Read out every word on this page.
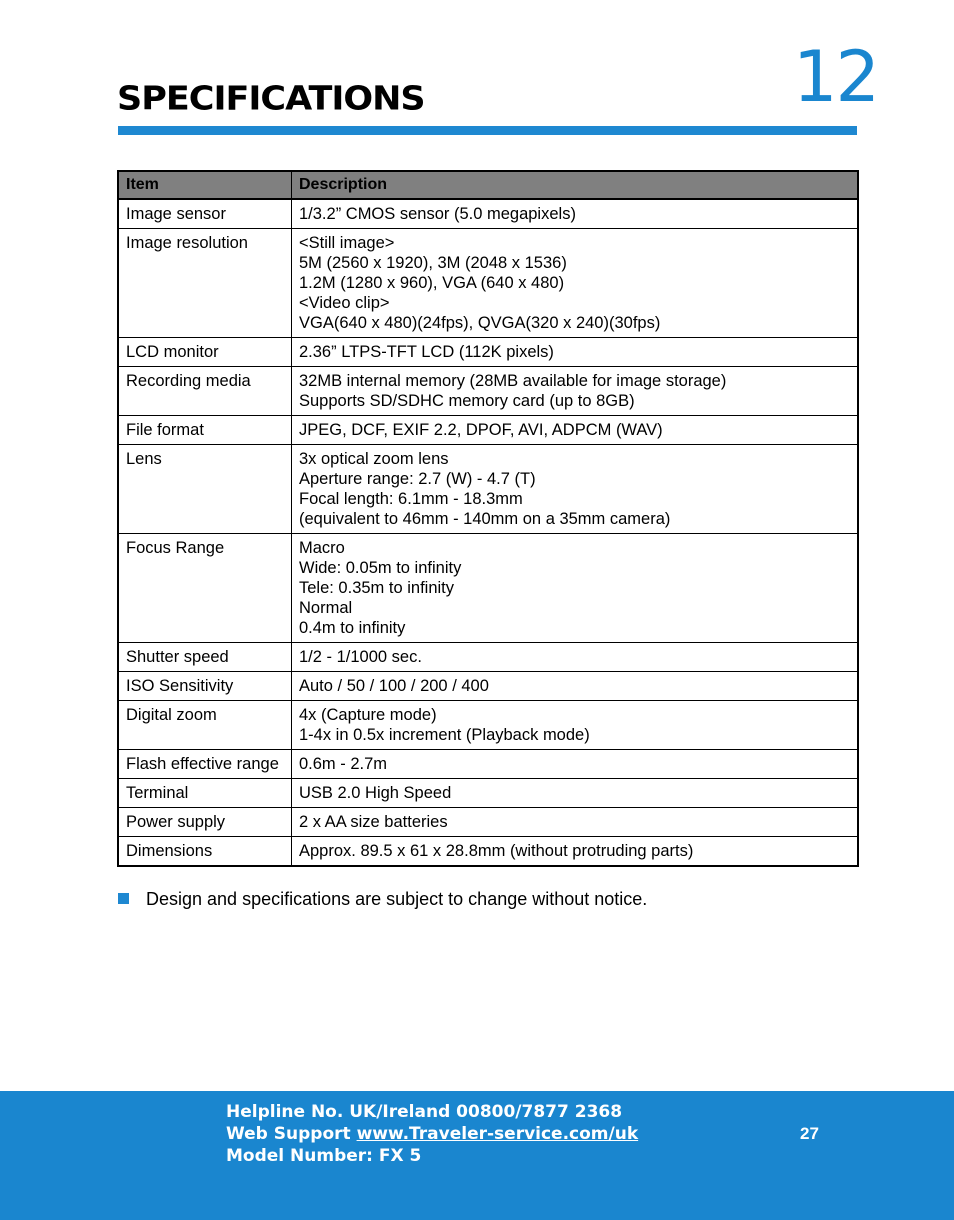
SPECIFICATIONS	12
Item	Description
Image sensor	1/3.2” CMOS sensor (5.0 megapixels)

Image resolution	<Still image>
5M (2560 x 1920), 3M (2048 x 1536)
1.2M (1280 x 960), VGA (640 x 480)
<Video clip>
VGA(640 x 480)(24fps), QVGA(320 x 240)(30fps)

LCD monitor	2.36” LTPS-TFT LCD (112K pixels)

Recording media	32MB internal memory (28MB available for image storage)
Supports SD/SDHC memory card (up to 8GB)

File format	JPEG, DCF, EXIF 2.2, DPOF, AVI, ADPCM (WAV)

Lens	3x optical zoom lens
Aperture range: 2.7 (W) - 4.7 (T)
Focal length: 6.1mm - 18.3mm
(equivalent to 46mm - 140mm on a 35mm camera)

Focus Range	Macro
Wide: 0.05m to infinity
Tele: 0.35m to infinity
Normal
0.4m to infinity

Shutter speed	1/2 - 1/1000 sec.

ISO Sensitivity	Auto / 50 / 100 / 200 / 400

Digital zoom	4x (Capture mode)
1-4x in 0.5x increment (Playback mode)

Flash effective range	0.6m - 2.7m

Terminal	USB 2.0 High Speed

Power supply	2 x AA size batteries

Dimensions	Approx. 89.5 x 61 x 28.8mm (without protruding parts)
Design and specifications are subject to change without notice.
Helpline No. UK/Ireland 00800/7877 2368
Web Support www.Traveler-service.com/uk
Model Number: FX 5
27
